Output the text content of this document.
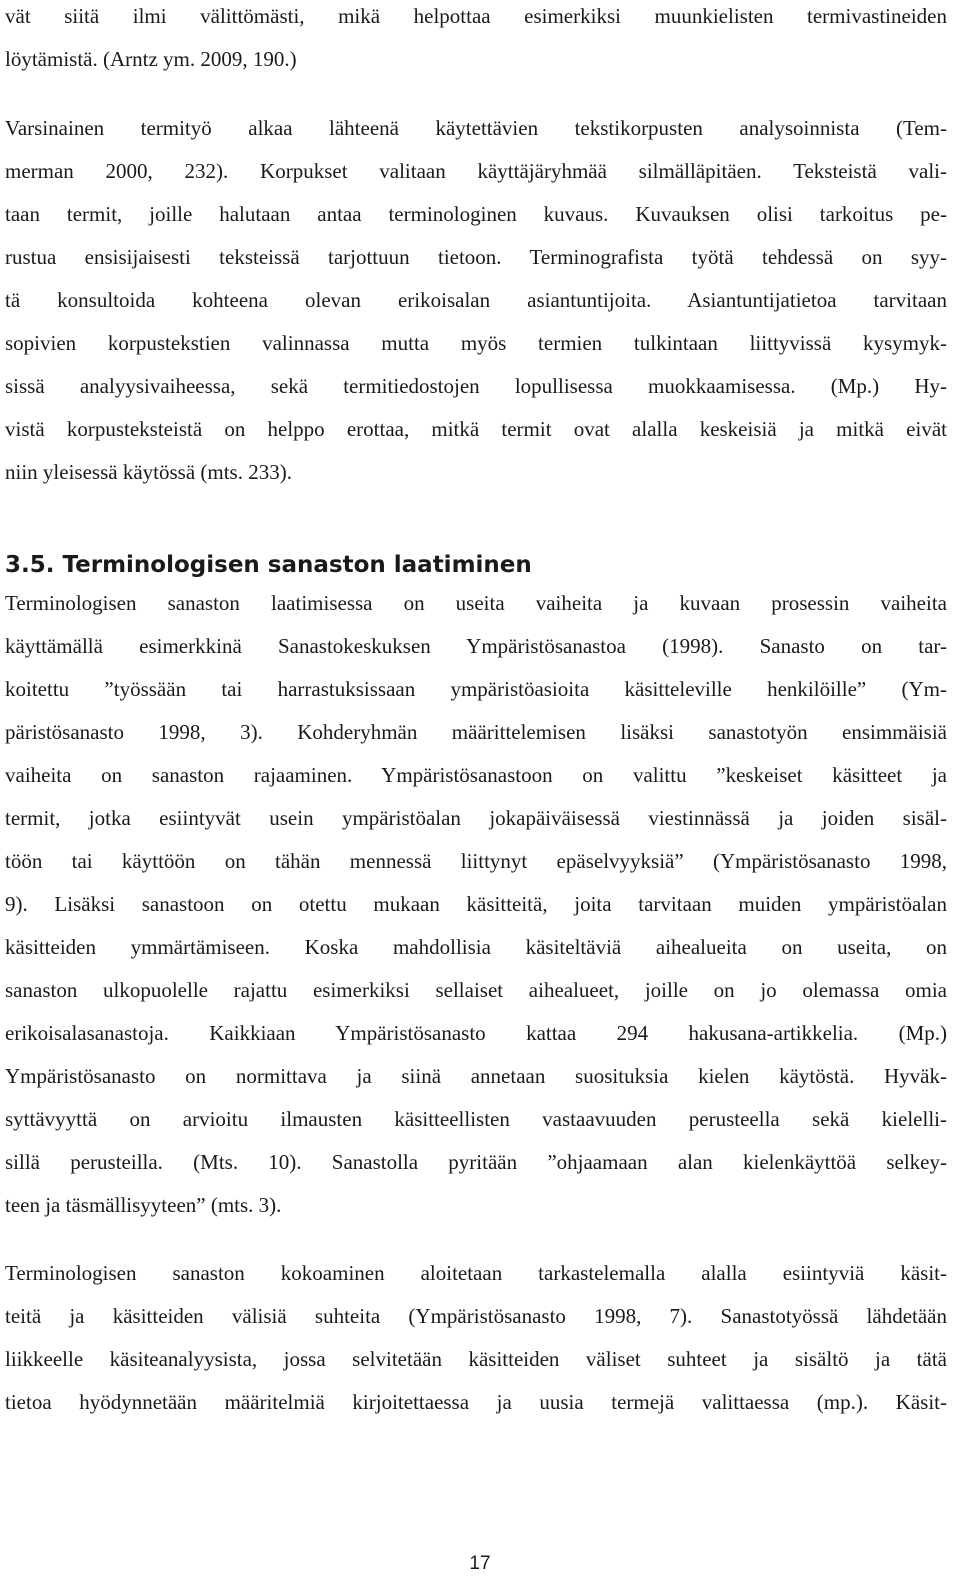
vät siitä ilmi välittömästi, mikä helpottaa esimerkiksi muunkielisten termivastineiden
löytämistä. (Arntz ym. 2009, 190.)
Varsinainen termityö alkaa lähteenä käytettävien tekstikorpusten analysoinnista (Tem-
merman 2000, 232). Korpukset valitaan käyttäjäryhmää silmälläpitäen. Teksteistä vali-
taan termit, joille halutaan antaa terminologinen kuvaus. Kuvauksen olisi tarkoitus pe-
rustua ensisijaisesti teksteissä tarjottuun tietoon. Terminografista työtä tehdessä on syy-
tä konsultoida kohteena olevan erikoisalan asiantuntijoita. Asiantuntijatietoa tarvitaan
sopivien korpustekstien valinnassa mutta myös termien tulkintaan liittyvissä kysymyk-
sissä analyysivaiheessa, sekä termitiedostojen lopullisessa muokkaamisessa. (Mp.) Hy-
vistä korpusteksteistä on helppo erottaa, mitkä termit ovat alalla keskeisiä ja mitkä eivät
niin yleisessä käytössä (mts. 233).
3.5. Terminologisen sanaston laatiminen
Terminologisen sanaston laatimisessa on useita vaiheita ja kuvaan prosessin vaiheita
käyttämällä esimerkkinä Sanastokeskuksen Ympäristösanastoa (1998). Sanasto on tar-
koitettu ”työssään tai harrastuksissaan ympäristöasioita käsitteleville henkilöille” (Ym-
päristösanasto 1998, 3). Kohderyhmän määrittelemisen lisäksi sanastotyön ensimmäisiä
vaiheita on sanaston rajaaminen. Ympäristösanastoon on valittu ”keskeiset käsitteet ja
termit, jotka esiintyvät usein ympäristöalan jokapäiväisessä viestinnässä ja joiden sisäl-
töön tai käyttöön on tähän mennessä liittynyt epäselvyyksiä” (Ympäristösanasto 1998,
9). Lisäksi sanastoon on otettu mukaan käsitteitä, joita tarvitaan muiden ympäristöalan
käsitteiden ymmärtämiseen. Koska mahdollisia käsiteltäviä aihealueita on useita, on
sanaston ulkopuolelle rajattu esimerkiksi sellaiset aihealueet, joille on jo olemassa omia
erikoisalasanastoja. Kaikkiaan Ympäristösanasto kattaa 294 hakusana-artikkelia. (Mp.)
Ympäristösanasto on normittava ja siinä annetaan suosituksia kielen käytöstä. Hyväk-
syttävyyttä on arvioitu ilmausten käsitteellisten vastaavuuden perusteella sekä kielelli-
sillä perusteilla. (Mts. 10). Sanastolla pyritään ”ohjaamaan alan kielenkäyttöä selkey-
teen ja täsmällisyyteen” (mts. 3).
Terminologisen sanaston kokoaminen aloitetaan tarkastelemalla alalla esiintyviä käsit-
teitä ja käsitteiden välisiä suhteita (Ympäristösanasto 1998, 7). Sanastotyössä lähdetään
liikkeelle käsiteanalyysista, jossa selvitetään käsitteiden väliset suhteet ja sisältö ja tätä
tietoa hyödynnetään määritelmiä kirjoitettaessa ja uusia termejä valittaessa (mp.). Käsit-
17
